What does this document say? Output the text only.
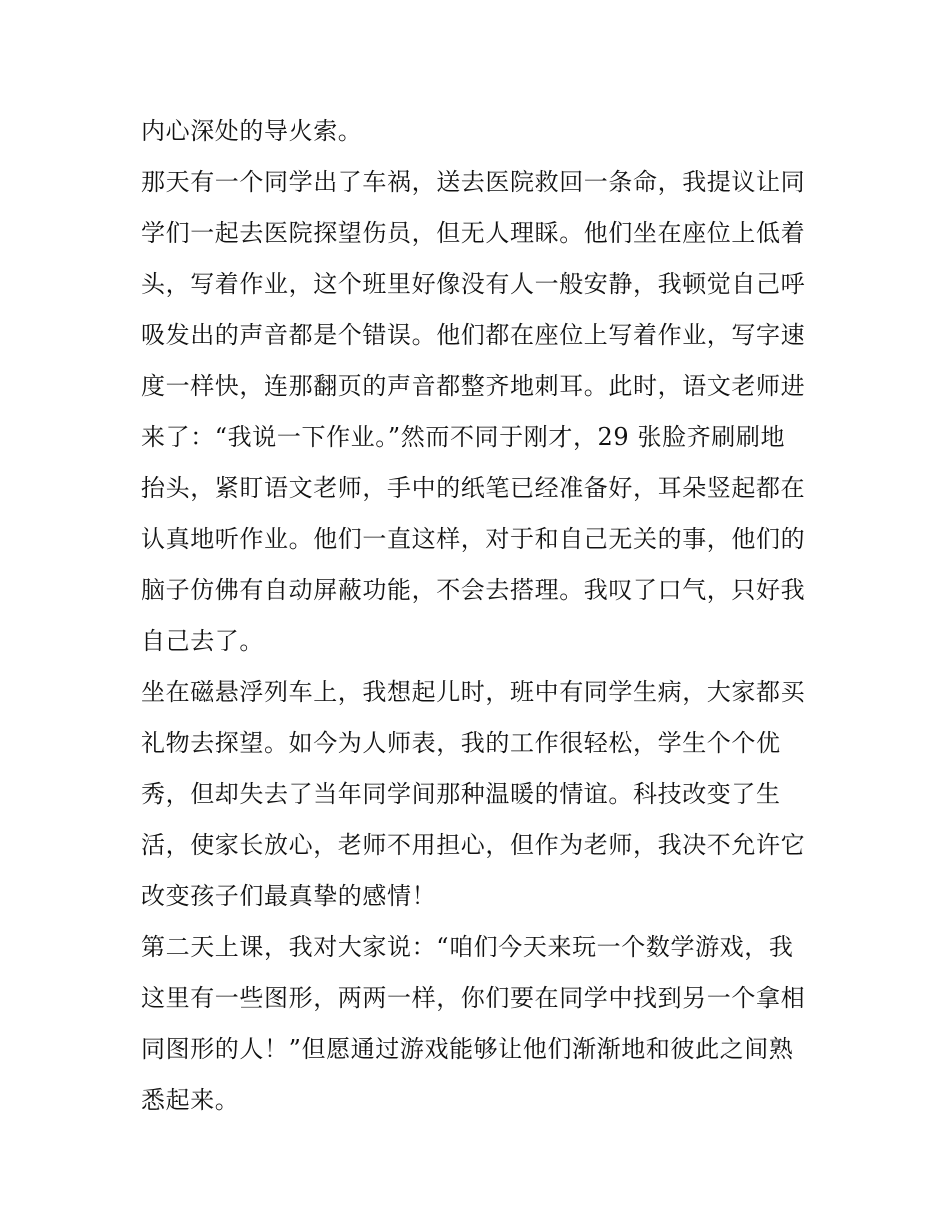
内心深处的导火索。
那天有一个同学出了车祸，送去医院救回一条命，我提议让同
学们一起去医院探望伤员，但无人理睬。他们坐在座位上低着
头，写着作业，这个班里好像没有人一般安静，我顿觉自己呼
吸发出的声音都是个错误。他们都在座位上写着作业，写字速
度一样快，连那翻页的声音都整齐地刺耳。此时，语文老师进
来了：“我说一下作业。”然而不同于刚才，29 张脸齐刷刷地
抬头，紧盯语文老师，手中的纸笔已经准备好，耳朵竖起都在
认真地听作业。他们一直这样，对于和自己无关的事，他们的
脑子仿佛有自动屏蔽功能，不会去搭理。我叹了口气，只好我
自己去了。
坐在磁悬浮列车上，我想起儿时，班中有同学生病，大家都买
礼物去探望。如今为人师表，我的工作很轻松，学生个个优
秀，但却失去了当年同学间那种温暖的情谊。科技改变了生
活，使家长放心，老师不用担心，但作为老师，我决不允许它
改变孩子们最真挚的感情！
第二天上课，我对大家说：“咱们今天来玩一个数学游戏，我
这里有一些图形，两两一样，你们要在同学中找到另一个拿相
同图形的人！”但愿通过游戏能够让他们渐渐地和彼此之间熟
悉起来。
